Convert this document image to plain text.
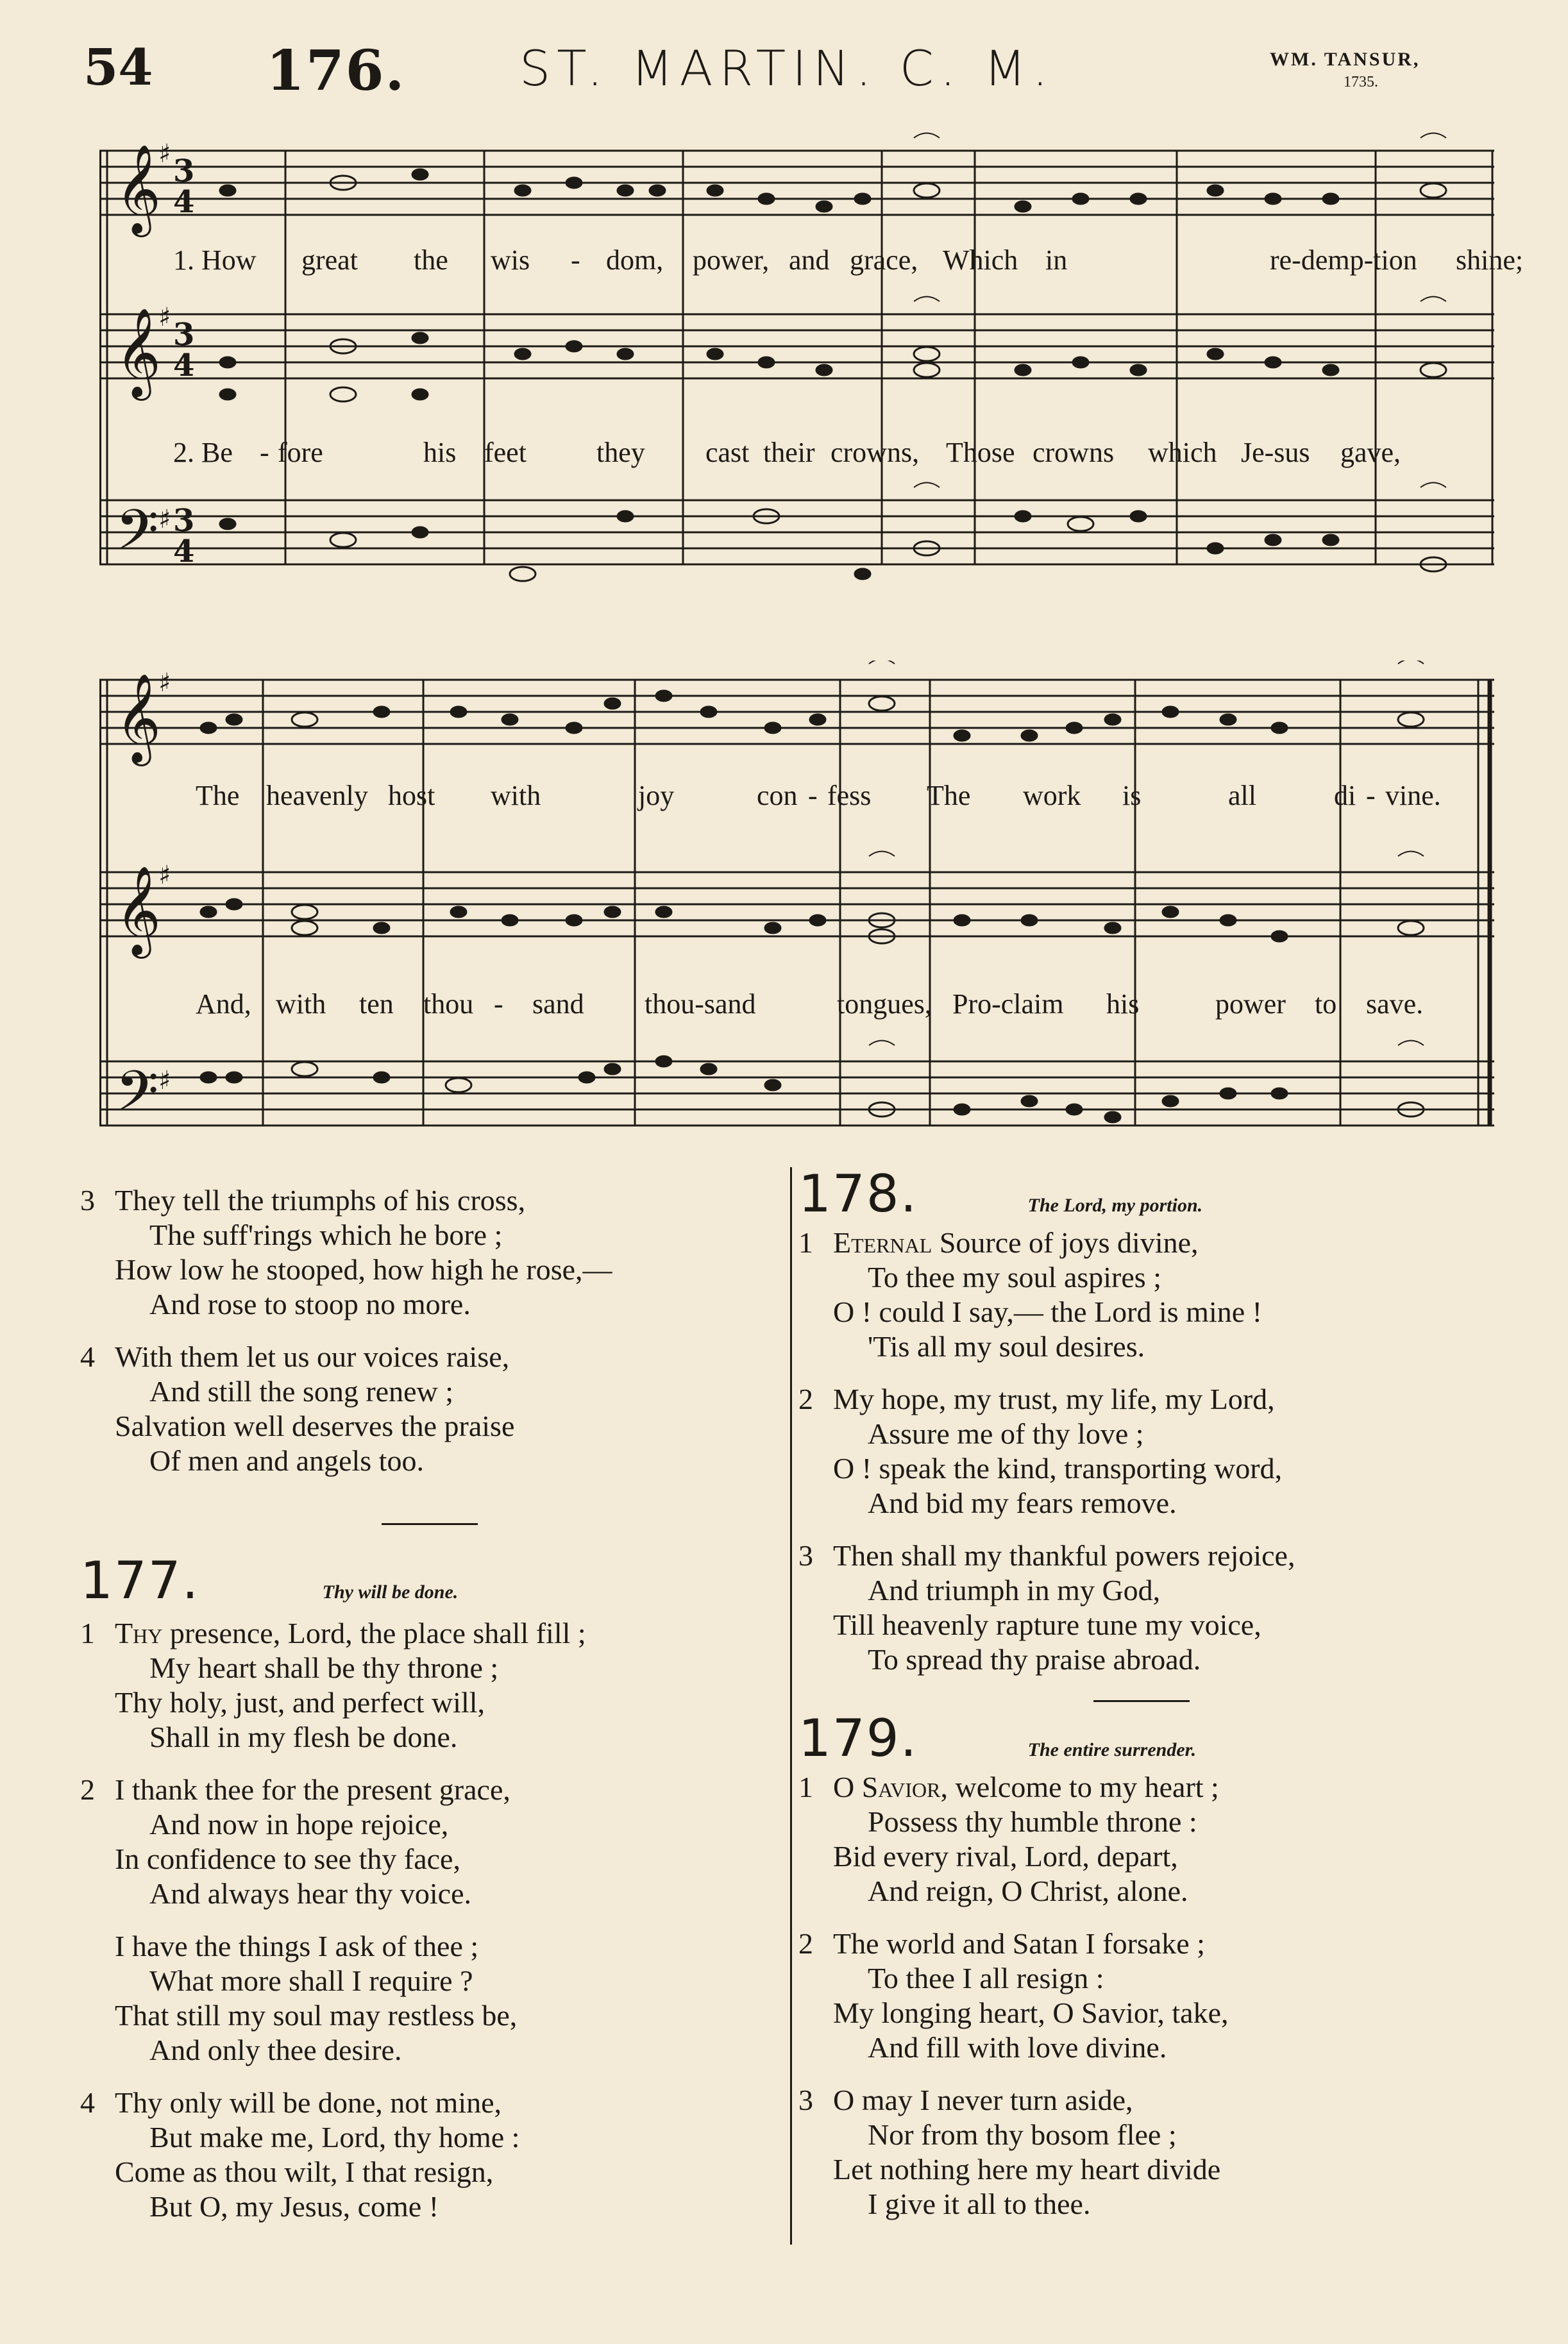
54 176. ST. MARTIN. C. M.	WM. TANSUR,
1735.
𝄞
𝄞
𝄢
3
4
3
4
3
4
♯
♯
♯
1. How great the wis - dom, power, and grace, Which in	re-demp-tion shine;
2. Be - fore	his feet they cast their crowns, Those crowns which Je-sus gave,
𝄞
𝄞
𝄢
♯
♯
♯
The heavenly host with	joy	con - fess The work is	all	di - vine.
And, with ten thou - sand thou-sand	tongues, Pro-claim his	power to save.
3 They tell the triumphs of his cross,
The suff'rings which he bore ;
How low he stooped, how high he rose,—
And rose to stoop no more.
4 With them let us our voices raise,
And still the song renew ;
Salvation well deserves the praise
Of men and angels too.
177.	Thy will be done.
1 Thy presence, Lord, the place shall fill ;
My heart shall be thy throne ;
Thy holy, just, and perfect will,
Shall in my flesh be done.
2 I thank thee for the present grace,
And now in hope rejoice,
In confidence to see thy face,
And always hear thy voice.
I have the things I ask of thee ;
What more shall I require ?
That still my soul may restless be,
And only thee desire.
4 Thy only will be done, not mine,
But make me, Lord, thy home :
Come as thou wilt, I that resign,
But O, my Jesus, come !
178.	The Lord, my portion.
1 Eternal Source of joys divine,
To thee my soul aspires ;
O ! could I say,— the Lord is mine !
'Tis all my soul desires.
2 My hope, my trust, my life, my Lord,
Assure me of thy love ;
O ! speak the kind, transporting word,
And bid my fears remove.
3 Then shall my thankful powers rejoice,
And triumph in my God,
Till heavenly rapture tune my voice,
To spread thy praise abroad.
179.	The entire surrender.
1 O Savior, welcome to my heart ;
Possess thy humble throne :
Bid every rival, Lord, depart,
And reign, O Christ, alone.
2 The world and Satan I forsake ;
To thee I all resign :
My longing heart, O Savior, take,
And fill with love divine.
3 O may I never turn aside,
Nor from thy bosom flee ;
Let nothing here my heart divide
I give it all to thee.
